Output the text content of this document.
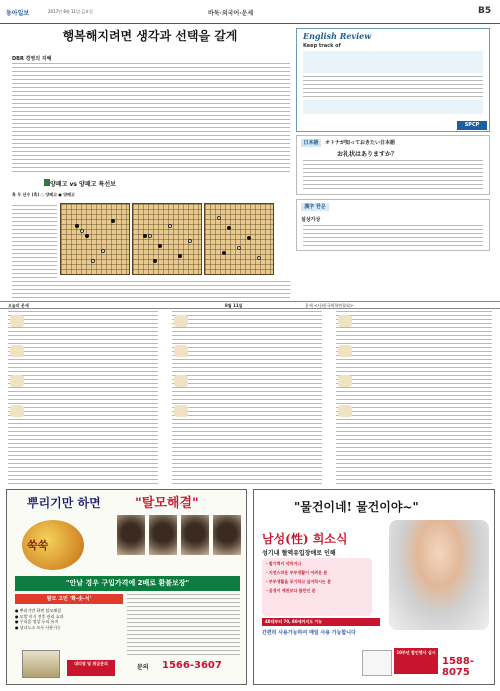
동아일보	2017년 8월 11일 금요일	바둑·외국어·운세	B5
행복해지려면 생각과 선택을 갈게
DBR 경영의 지혜
English Review
Keep track of
SPCP
日本語	オトナが知っておきたい日本語
お礼状はありますか？
漢字 한문
설상가상
양패고 vs 양패고 특선보
흑 두 선수 (흑) ○ 양패고 ● 양패고
오늘의 운세	8월 11일	운세 <사)한국역학연합회>
뿌리기만 하면	"탈모해결"
쑥쑥
"안날 경우 구입가격에 2배로 환불보장"
탈모 고민 '확-솟-식'
● 뿌리기만 하면 탈모해결
● 모발 이식 전후 관리 효과
● 우리몸 정상 두피 유지
● 남녀노소 모두 사용가능
대리점 및 취급문의
문의 1566-3607
"물건이네! 물건이야~"
남성(性) 희소식
성기내 혈액유입장애로 인해
· 발기력이 약하거나
· 지연스러운 부부생활이 어려운 분
· 부부생활을 포기하고 싶어하시는 분
· 음경이 예전보다 불만인 분
40대부터 70, 80세까지도 가능
간편히 사용가능하여 매일 사용 가능합니다
10주년 할인행사 실시
1588-8075
